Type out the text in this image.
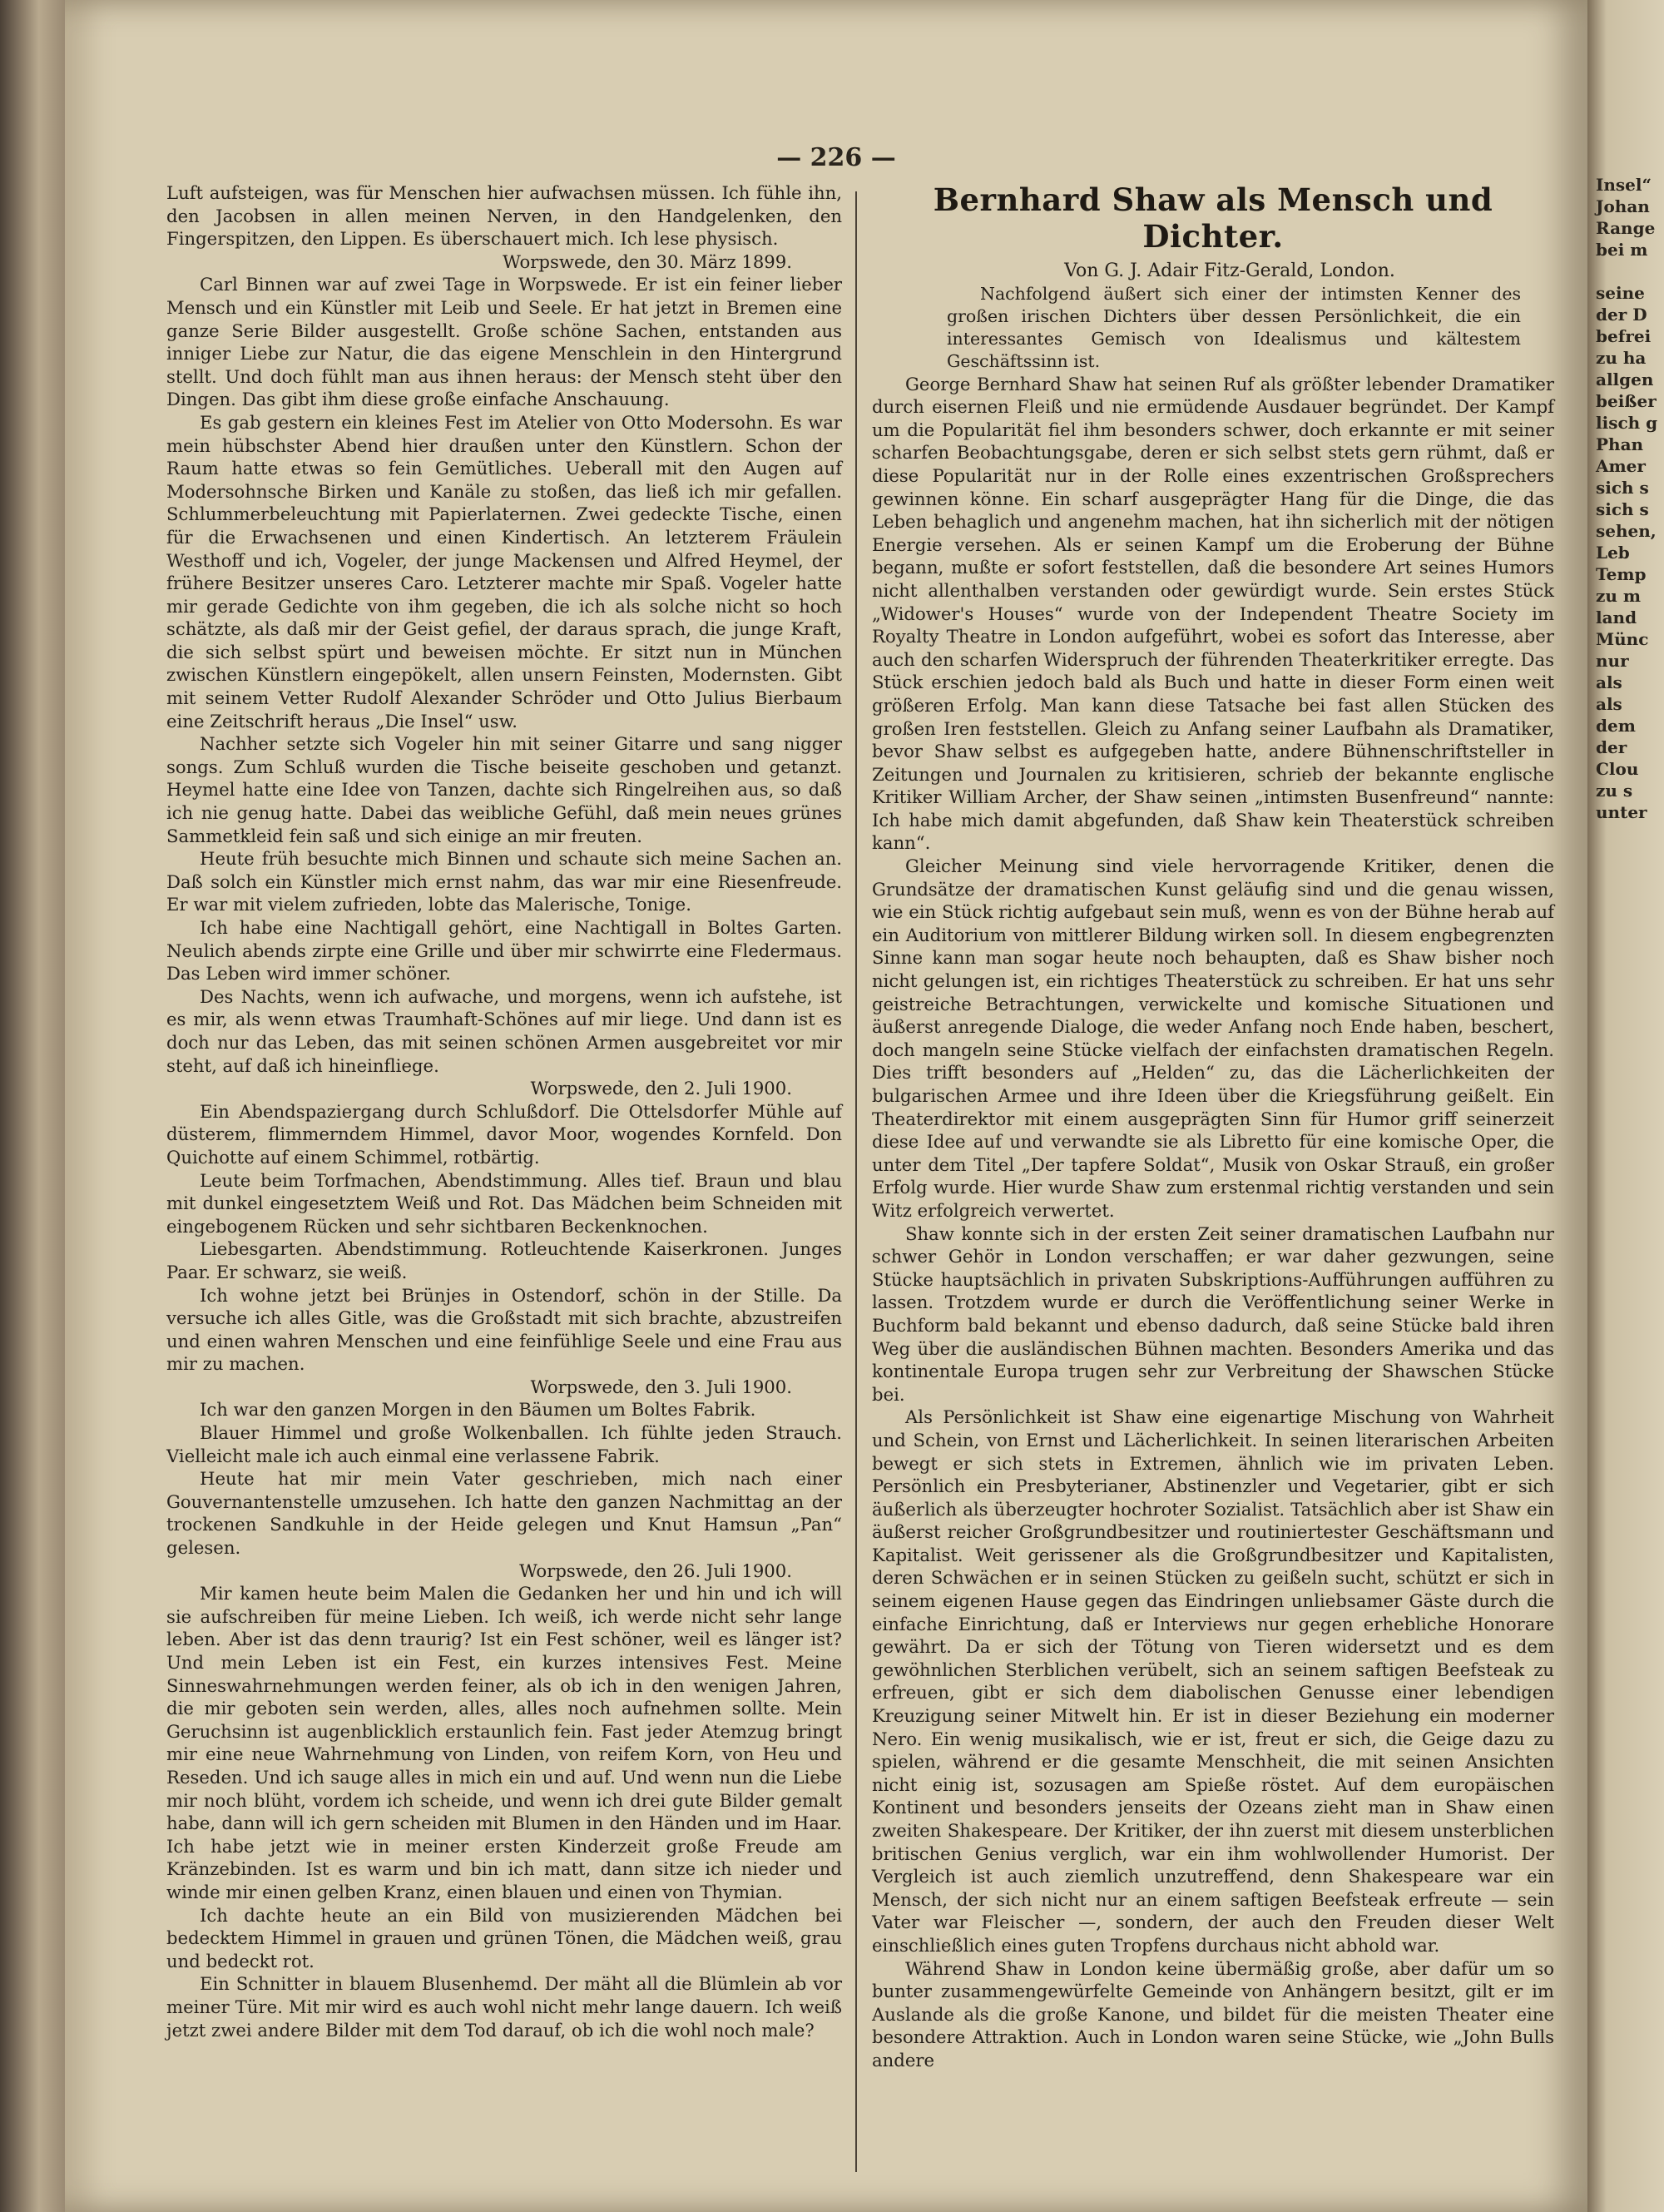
— 226 —

Luft aufsteigen, was für Menschen hier aufwachsen müssen. Ich fühle ihn, den Jacobsen in allen meinen Nerven, in den Handgelenken, den Fingerspitzen, den Lippen. Es überschauert mich. Ich lese physisch.

Worpswede, den 30. März 1899.

Carl Binnen war auf zwei Tage in Worpswede. Er ist ein feiner lieber Mensch und ein Künstler mit Leib und Seele. Er hat jetzt in Bremen eine ganze Serie Bilder ausgestellt. Große schöne Sachen, entstanden aus inniger Liebe zur Natur, die das eigene Menschlein in den Hintergrund stellt. Und doch fühlt man aus ihnen heraus: der Mensch steht über den Dingen. Das gibt ihm diese große einfache Anschauung.

Es gab gestern ein kleines Fest im Atelier von Otto Modersohn. Es war mein hübschster Abend hier draußen unter den Künstlern. Schon der Raum hatte etwas so fein Gemütliches. Ueberall mit den Augen auf Modersohnsche Birken und Kanäle zu stoßen, das ließ ich mir gefallen. Schlummerbeleuchtung mit Papierlaternen. Zwei gedeckte Tische, einen für die Erwachsenen und einen Kindertisch. An letzterem Fräulein Westhoff und ich, Vogeler, der junge Mackensen und Alfred Heymel, der frühere Besitzer unseres Caro. Letzterer machte mir Spaß. Vogeler hatte mir gerade Gedichte von ihm gegeben, die ich als solche nicht so hoch schätzte, als daß mir der Geist gefiel, der daraus sprach, die junge Kraft, die sich selbst spürt und beweisen möchte. Er sitzt nun in München zwischen Künstlern eingepökelt, allen unsern Feinsten, Modernsten. Gibt mit seinem Vetter Rudolf Alexander Schröder und Otto Julius Bierbaum eine Zeitschrift heraus „Die Insel“ usw.

Nachher setzte sich Vogeler hin mit seiner Gitarre und sang nigger songs. Zum Schluß wurden die Tische beiseite geschoben und getanzt. Heymel hatte eine Idee von Tanzen, dachte sich Ringelreihen aus, so daß ich nie genug hatte. Dabei das weibliche Gefühl, daß mein neues grünes Sammetkleid fein saß und sich einige an mir freuten.

Heute früh besuchte mich Binnen und schaute sich meine Sachen an. Daß solch ein Künstler mich ernst nahm, das war mir eine Riesenfreude. Er war mit vielem zufrieden, lobte das Malerische, Tonige.

Ich habe eine Nachtigall gehört, eine Nachtigall in Boltes Garten. Neulich abends zirpte eine Grille und über mir schwirrte eine Fledermaus. Das Leben wird immer schöner.

Des Nachts, wenn ich aufwache, und morgens, wenn ich aufstehe, ist es mir, als wenn etwas Traumhaft-Schönes auf mir liege. Und dann ist es doch nur das Leben, das mit seinen schönen Armen ausgebreitet vor mir steht, auf daß ich hineinfliege.

Worpswede, den 2. Juli 1900.

Ein Abendspaziergang durch Schlußdorf. Die Ottelsdorfer Mühle auf düsterem, flimmerndem Himmel, davor Moor, wogendes Kornfeld. Don Quichotte auf einem Schimmel, rotbärtig.

Leute beim Torfmachen, Abendstimmung. Alles tief. Braun und blau mit dunkel eingesetztem Weiß und Rot. Das Mädchen beim Schneiden mit eingebogenem Rücken und sehr sichtbaren Beckenknochen.

Liebesgarten. Abendstimmung. Rotleuchtende Kaiserkronen. Junges Paar. Er schwarz, sie weiß.

Ich wohne jetzt bei Brünjes in Ostendorf, schön in der Stille. Da versuche ich alles Gitle, was die Großstadt mit sich brachte, abzustreifen und einen wahren Menschen und eine feinfühlige Seele und eine Frau aus mir zu machen.

Worpswede, den 3. Juli 1900.

Ich war den ganzen Morgen in den Bäumen um Boltes Fabrik.

Blauer Himmel und große Wolkenballen. Ich fühlte jeden Strauch. Vielleicht male ich auch einmal eine verlassene Fabrik.

Heute hat mir mein Vater geschrieben, mich nach einer Gouvernantenstelle umzusehen. Ich hatte den ganzen Nachmittag an der trockenen Sandkuhle in der Heide gelegen und Knut Hamsun „Pan“ gelesen.

Worpswede, den 26. Juli 1900.

Mir kamen heute beim Malen die Gedanken her und hin und ich will sie aufschreiben für meine Lieben. Ich weiß, ich werde nicht sehr lange leben. Aber ist das denn traurig? Ist ein Fest schöner, weil es länger ist? Und mein Leben ist ein Fest, ein kurzes intensives Fest. Meine Sinneswahrnehmungen werden feiner, als ob ich in den wenigen Jahren, die mir geboten sein werden, alles, alles noch aufnehmen sollte. Mein Geruchsinn ist augenblicklich erstaunlich fein. Fast jeder Atemzug bringt mir eine neue Wahrnehmung von Linden, von reifem Korn, von Heu und Reseden. Und ich sauge alles in mich ein und auf. Und wenn nun die Liebe mir noch blüht, vordem ich scheide, und wenn ich drei gute Bilder gemalt habe, dann will ich gern scheiden mit Blumen in den Händen und im Haar. Ich habe jetzt wie in meiner ersten Kinderzeit große Freude am Kränzebinden. Ist es warm und bin ich matt, dann sitze ich nieder und winde mir einen gelben Kranz, einen blauen und einen von Thymian.

Ich dachte heute an ein Bild von musizierenden Mädchen bei bedecktem Himmel in grauen und grünen Tönen, die Mädchen weiß, grau und bedeckt rot.

Ein Schnitter in blauem Blusenhemd. Der mäht all die Blümlein ab vor meiner Türe. Mit mir wird es auch wohl nicht mehr lange dauern. Ich weiß jetzt zwei andere Bilder mit dem Tod darauf, ob ich die wohl noch male?

Bernhard Shaw als Mensch und Dichter.

Von G. J. Adair Fitz-Gerald, London.

Nachfolgend äußert sich einer der intimsten Kenner des großen irischen Dichters über dessen Persönlichkeit, die ein interessantes Gemisch von Idealismus und kältestem Geschäftssinn ist.

George Bernhard Shaw hat seinen Ruf als größter lebender Dramatiker durch eisernen Fleiß und nie ermüdende Ausdauer begründet. Der Kampf um die Popularität fiel ihm besonders schwer, doch erkannte er mit seiner scharfen Beobachtungsgabe, deren er sich selbst stets gern rühmt, daß er diese Popularität nur in der Rolle eines exzentrischen Großsprechers gewinnen könne. Ein scharf ausgeprägter Hang für die Dinge, die das Leben behaglich und angenehm machen, hat ihn sicherlich mit der nötigen Energie versehen. Als er seinen Kampf um die Eroberung der Bühne begann, mußte er sofort feststellen, daß die besondere Art seines Humors nicht allenthalben verstanden oder gewürdigt wurde. Sein erstes Stück „Widower's Houses“ wurde von der Independent Theatre Society im Royalty Theatre in London aufgeführt, wobei es sofort das Interesse, aber auch den scharfen Widerspruch der führenden Theaterkritiker erregte. Das Stück erschien jedoch bald als Buch und hatte in dieser Form einen weit größeren Erfolg. Man kann diese Tatsache bei fast allen Stücken des großen Iren feststellen. Gleich zu Anfang seiner Laufbahn als Dramatiker, bevor Shaw selbst es aufgegeben hatte, andere Bühnenschriftsteller in Zeitungen und Journalen zu kritisieren, schrieb der bekannte englische Kritiker William Archer, der Shaw seinen „intimsten Busenfreund“ nannte: Ich habe mich damit abgefunden, daß Shaw kein Theaterstück schreiben kann“.

Gleicher Meinung sind viele hervorragende Kritiker, denen die Grundsätze der dramatischen Kunst geläufig sind und die genau wissen, wie ein Stück richtig aufgebaut sein muß, wenn es von der Bühne herab auf ein Auditorium von mittlerer Bildung wirken soll. In diesem engbegrenzten Sinne kann man sogar heute noch behaupten, daß es Shaw bisher noch nicht gelungen ist, ein richtiges Theaterstück zu schreiben. Er hat uns sehr geistreiche Betrachtungen, verwickelte und komische Situationen und äußerst anregende Dialoge, die weder Anfang noch Ende haben, beschert, doch mangeln seine Stücke vielfach der einfachsten dramatischen Regeln. Dies trifft besonders auf „Helden“ zu, das die Lächerlichkeiten der bulgarischen Armee und ihre Ideen über die Kriegsführung geißelt. Ein Theaterdirektor mit einem ausgeprägten Sinn für Humor griff seinerzeit diese Idee auf und verwandte sie als Libretto für eine komische Oper, die unter dem Titel „Der tapfere Soldat“, Musik von Oskar Strauß, ein großer Erfolg wurde. Hier wurde Shaw zum erstenmal richtig verstanden und sein Witz erfolgreich verwertet.

Shaw konnte sich in der ersten Zeit seiner dramatischen Laufbahn nur schwer Gehör in London verschaffen; er war daher gezwungen, seine Stücke hauptsächlich in privaten Subskriptions-Aufführungen aufführen zu lassen. Trotzdem wurde er durch die Veröffentlichung seiner Werke in Buchform bald bekannt und ebenso dadurch, daß seine Stücke bald ihren Weg über die ausländischen Bühnen machten. Besonders Amerika und das kontinentale Europa trugen sehr zur Verbreitung der Shawschen Stücke bei.

Als Persönlichkeit ist Shaw eine eigenartige Mischung von Wahrheit und Schein, von Ernst und Lächerlichkeit. In seinen literarischen Arbeiten bewegt er sich stets in Extremen, ähnlich wie im privaten Leben. Persönlich ein Presbyterianer, Abstinenzler und Vegetarier, gibt er sich äußerlich als überzeugter hochroter Sozialist. Tatsächlich aber ist Shaw ein äußerst reicher Großgrundbesitzer und routiniertester Geschäftsmann und Kapitalist. Weit gerissener als die Großgrundbesitzer und Kapitalisten, deren Schwächen er in seinen Stücken zu geißeln sucht, schützt er sich in seinem eigenen Hause gegen das Eindringen unliebsamer Gäste durch die einfache Einrichtung, daß er Interviews nur gegen erhebliche Honorare gewährt. Da er sich der Tötung von Tieren widersetzt und es dem gewöhnlichen Sterblichen verübelt, sich an seinem saftigen Beefsteak zu erfreuen, gibt er sich dem diabolischen Genusse einer lebendigen Kreuzigung seiner Mitwelt hin. Er ist in dieser Beziehung ein moderner Nero. Ein wenig musikalisch, wie er ist, freut er sich, die Geige dazu zu spielen, während er die gesamte Menschheit, die mit seinen Ansichten nicht einig ist, sozusagen am Spieße röstet. Auf dem europäischen Kontinent und besonders jenseits der Ozeans zieht man in Shaw einen zweiten Shakespeare. Der Kritiker, der ihn zuerst mit diesem unsterblichen britischen Genius verglich, war ein ihm wohlwollender Humorist. Der Vergleich ist auch ziemlich unzutreffend, denn Shakespeare war ein Mensch, der sich nicht nur an einem saftigen Beefsteak erfreute — sein Vater war Fleischer —, sondern, der auch den Freuden dieser Welt einschließlich eines guten Tropfens durchaus nicht abhold war.

Während Shaw in London keine übermäßig große, aber dafür um so bunter zusammengewürfelte Gemeinde von Anhängern besitzt, gilt er im Auslande als die große Kanone, und bildet für die meisten Theater eine besondere Attraktion. Auch in London waren seine Stücke, wie „John Bulls andere

Insel“
Johan
Range
bei m
seine
der D
befrei
zu ha
allgen
beißer
lisch g
Phan
Amer
sich s
sich s
sehen,
Leb
Temp
zu m
land
Münc
nur
als
als
dem
der
Clou
zu s
unter
